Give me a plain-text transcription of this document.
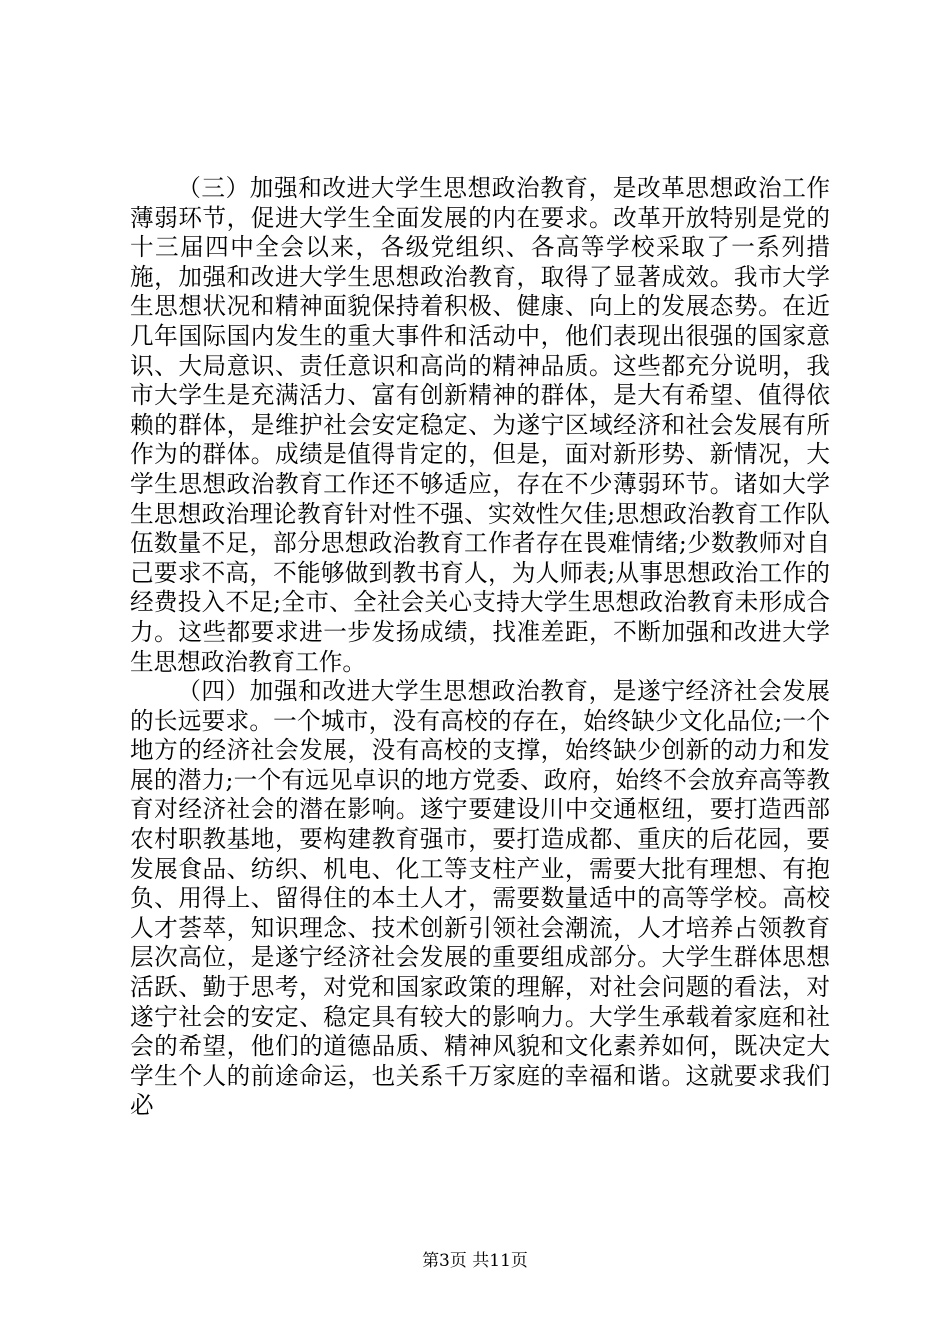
（三）加强和改进大学生思想政治教育，是改革思想政治工作薄弱环节，促进大学生全面发展的内在要求。改革开放特别是党的十三届四中全会以来，各级党组织、各高等学校采取了一系列措施，加强和改进大学生思想政治教育，取得了显著成效。我市大学生思想状况和精神面貌保持着积极、健康、向上的发展态势。在近几年国际国内发生的重大事件和活动中，他们表现出很强的国家意识、大局意识、责任意识和高尚的精神品质。这些都充分说明，我市大学生是充满活力、富有创新精神的群体，是大有希望、值得依赖的群体，是维护社会安定稳定、为遂宁区域经济和社会发展有所作为的群体。成绩是值得肯定的，但是，面对新形势、新情况，大学生思想政治教育工作还不够适应，存在不少薄弱环节。诸如大学生思想政治理论教育针对性不强、实效性欠佳;思想政治教育工作队伍数量不足，部分思想政治教育工作者存在畏难情绪;少数教师对自己要求不高，不能够做到教书育人，为人师表;从事思想政治工作的经费投入不足;全市、全社会关心支持大学生思想政治教育未形成合力。这些都要求进一步发扬成绩，找准差距，不断加强和改进大学生思想政治教育工作。

（四）加强和改进大学生思想政治教育，是遂宁经济社会发展的长远要求。一个城市，没有高校的存在，始终缺少文化品位;一个地方的经济社会发展，没有高校的支撑，始终缺少创新的动力和发展的潜力;一个有远见卓识的地方党委、政府，始终不会放弃高等教育对经济社会的潜在影响。遂宁要建设川中交通枢纽，要打造西部农村职教基地，要构建教育强市，要打造成都、重庆的后花园，要发展食品、纺织、机电、化工等支柱产业，需要大批有理想、有抱负、用得上、留得住的本土人才，需要数量适中的高等学校。高校人才荟萃，知识理念、技术创新引领社会潮流，人才培养占领教育层次高位，是遂宁经济社会发展的重要组成部分。大学生群体思想活跃、勤于思考，对党和国家政策的理解，对社会问题的看法，对遂宁社会的安定、稳定具有较大的影响力。大学生承载着家庭和社会的希望，他们的道德品质、精神风貌和文化素养如何，既决定大学生个人的前途命运，也关系千万家庭的幸福和谐。这就要求我们必

第3页 共11页
